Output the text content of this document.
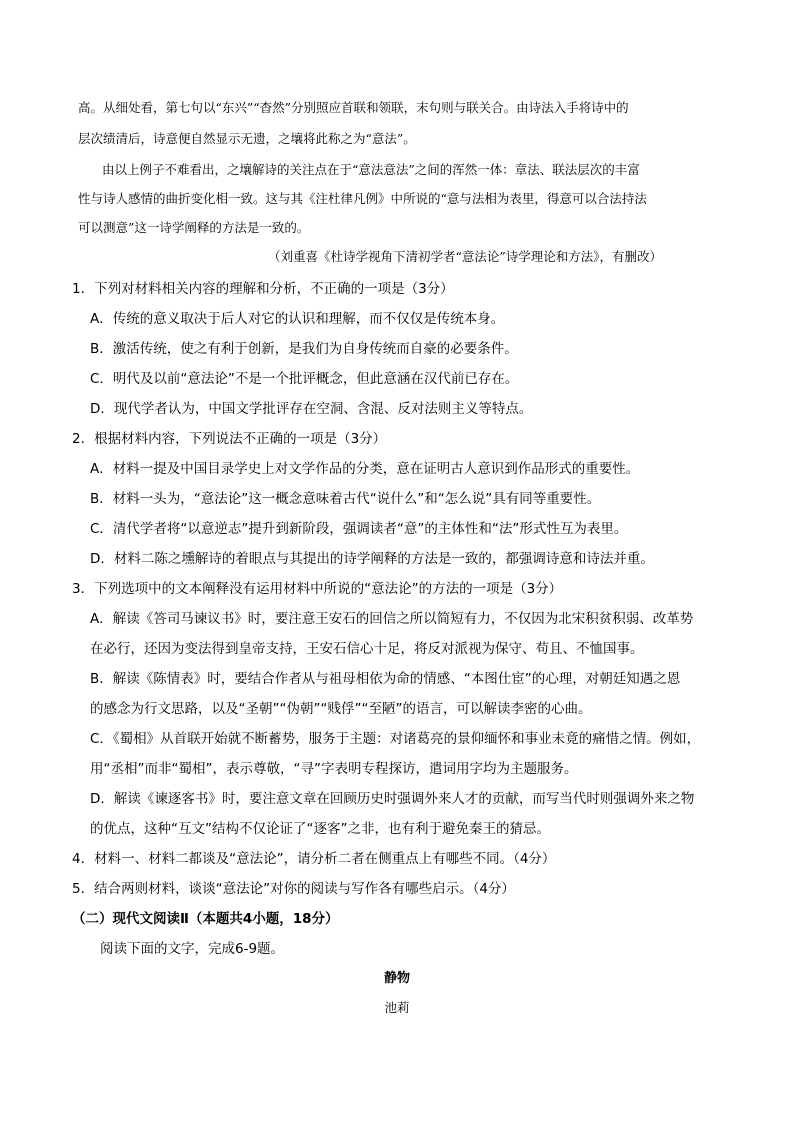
高。从细处看，第七句以“东兴”“杳然”分别照应首联和领联，末句则与联关合。由诗法入手将诗中的
层次绩清后，诗意便自然显示无遗，之壤将此称之为“意法”。
由以上例子不难看出，之壤解诗的关注点在于“意法意法”之间的浑然一体：章法、联法层次的丰富
性与诗人感情的曲折变化相一致。这与其《注杜律凡例》中所说的“意与法相为表里，得意可以合法持法
可以测意”这一诗学阐释的方法是一致的。
（刘重喜《杜诗学视角下清初学者“意法论”诗学理论和方法》，有删改）
1．下列对材料相关内容的理解和分析，不正确的一项是（3分）
A．传统的意义取决于后人对它的认识和理解，而不仅仅是传统本身。
B．激活传统，使之有利于创新，是我们为自身传统而自豪的必要条件。
C．明代及以前“意法论”不是一个批评概念，但此意涵在汉代前已存在。
D．现代学者认为，中国文学批评存在空洞、含混、反对法则主义等特点。
2．根据材料内容，下列说法不正确的一项是（3分）
A．材料一提及中国目录学史上对文学作品的分类，意在证明古人意识到作品形式的重要性。
B．材料一头为，“意法论”这一概念意味着古代“说什么”和“怎么说”具有同等重要性。
C．清代学者将“以意逆志”提升到新阶段，强调读者“意”的主体性和“法”形式性互为表里。
D．材料二陈之壎解诗的着眼点与其提出的诗学阐释的方法是一致的，都强调诗意和诗法并重。
3．下列选项中的文本阐释没有运用材料中所说的“意法论”的方法的一项是（3分）
A．解读《答司马谏议书》时，要注意王安石的回信之所以简短有力，不仅因为北宋积贫积弱、改革势
在必行，还因为变法得到皇帝支持，王安石信心十足，将反对派视为保守、苟且、不恤国事。
B．解读《陈情表》时，要结合作者从与祖母相依为命的情感、“本图仕宦”的心理，对朝廷知遇之恩
的感念为行文思路，以及“圣朝”“伪朝”“贱俘”“至陋”的语言，可以解读李密的心曲。
C．《蜀相》从首联开始就不断蓄势，服务于主题：对诸葛亮的景仰缅怀和事业未竟的痛惜之情。例如，
用“丞相”而非“蜀相”，表示尊敬，“寻”字表明专程探访，遣词用字均为主题服务。
D．解读《谏逐客书》时，要注意文章在回顾历史时强调外来人才的贡献，而写当代时则强调外来之物
的优点，这种“互文”结构不仅论证了“逐客”之非，也有利于避免秦王的猜忌。
4．材料一、材料二都谈及“意法论”，请分析二者在侧重点上有哪些不同。（4分）
5．结合两则材料，谈谈“意法论”对你的阅读与写作各有哪些启示。（4分）
（二）现代文阅读Ⅱ（本题共4小题，18分）
阅读下面的文字，完成6-9题。
静物
池莉
